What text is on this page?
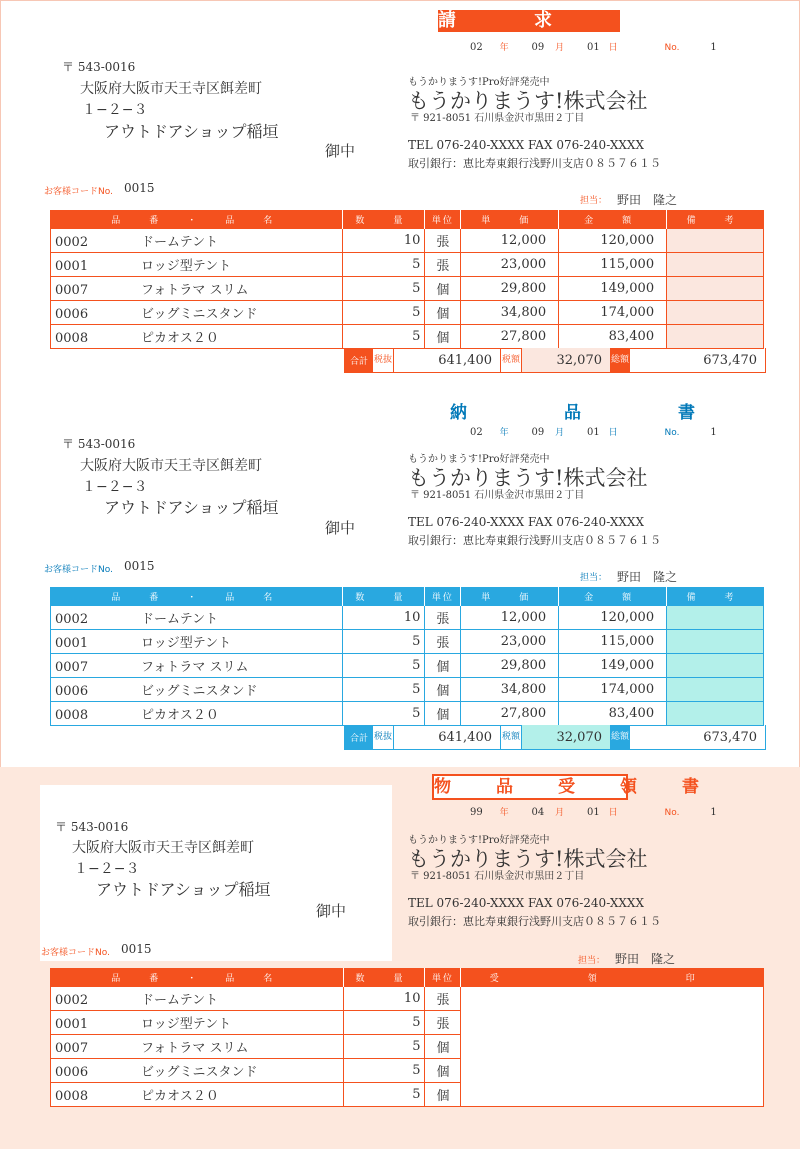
請　求　書
02 年 09 月 01 日	No.	1
〒 543-0016
大阪府大阪市天王寺区餌差町
１−２−３
アウトドアショップ稲垣
御中
もうかりまうす!Pro好評発売中
もうかりまうす!株式会社
〒 921-8051 石川県金沢市黒田２丁目
TEL 076-240-XXXX FAX 076-240-XXXX
取引銀行：恵比寿東銀行浅野川支店０８５７６１５
お客様コードNo. 0015
担当： 野田　隆之
品　番　・　品　名	数　量	単位	単　価	金　額	備　考
0002 ドームテント	10	張	12,000	120,000	
0001 ロッジ型テント	5	張	23,000	115,000	
0007 フォトラマ スリム	5	個	29,800	149,000	
0006 ビッグミニスタンド	5	個	34,800	174,000	
0008 ピカオス２０	5	個	27,800	83,400	
合計 税抜	641,400	税額	32,070 総額	673,470
納　品　書
02 年 09 月 01 日	No.	1
〒 543-0016
大阪府大阪市天王寺区餌差町
１−２−３
アウトドアショップ稲垣
御中
もうかりまうす!Pro好評発売中
もうかりまうす!株式会社
〒 921-8051 石川県金沢市黒田２丁目
TEL 076-240-XXXX FAX 076-240-XXXX
取引銀行：恵比寿東銀行浅野川支店０８５７６１５
お客様コードNo. 0015
担当： 野田　隆之
品　番　・　品　名	数　量	単位	単　価	金　額	備　考
0002 ドームテント	10	張	12,000	120,000	
0001 ロッジ型テント	5	張	23,000	115,000	
0007 フォトラマ スリム	5	個	29,800	149,000	
0006 ビッグミニスタンド	5	個	34,800	174,000	
0008 ピカオス２０	5	個	27,800	83,400	
合計 税抜	641,400	税額	32,070 総額	673,470
物　品　受　領　書
99 年 04 月 01 日	No.	1
〒 543-0016
大阪府大阪市天王寺区餌差町
１−２−３
アウトドアショップ稲垣
御中
もうかりまうす!Pro好評発売中
もうかりまうす!株式会社
〒 921-8051 石川県金沢市黒田２丁目
TEL 076-240-XXXX FAX 076-240-XXXX
取引銀行：恵比寿東銀行浅野川支店０８５７６１５
お客様コードNo. 0015
担当： 野田　隆之
品　番　・　品　名	数　量	単位	受　領　印
0002 ドームテント	10	張	
0001 ロッジ型テント	5	張	
0007 フォトラマ スリム	5	個	
0006 ビッグミニスタンド	5	個	
0008 ピカオス２０	5	個	
